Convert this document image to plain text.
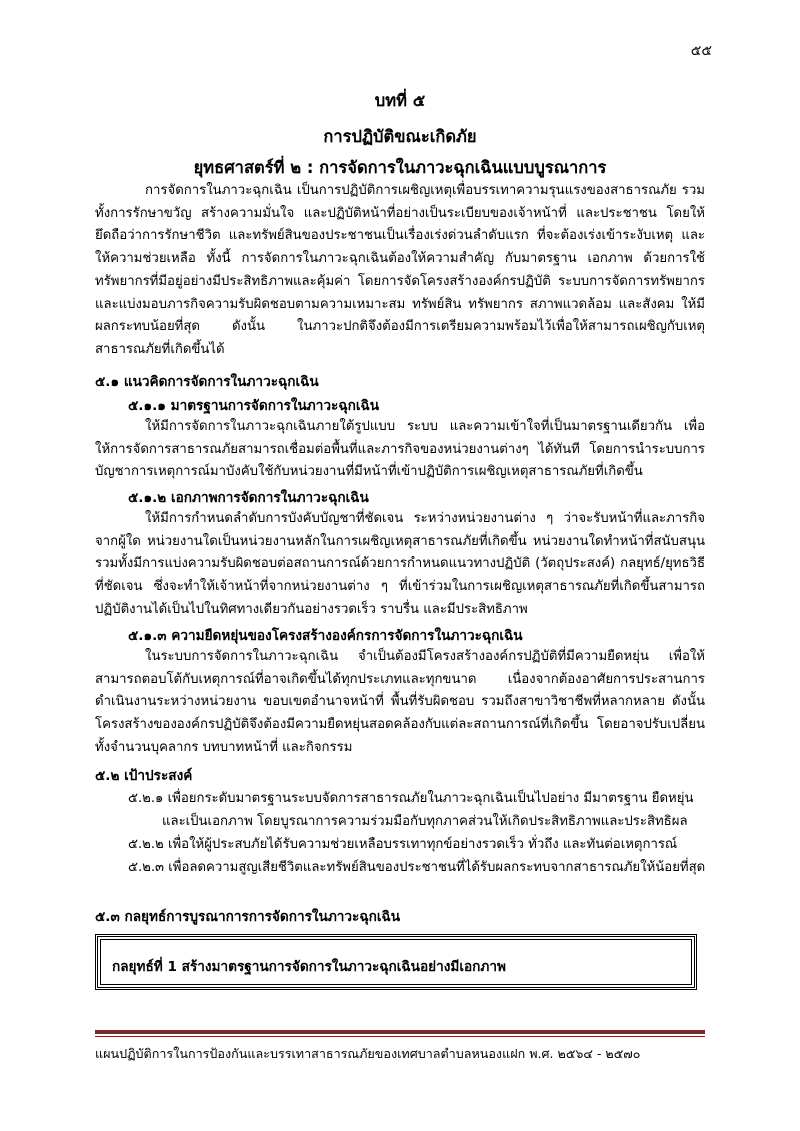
๕๕
บทที่ ๕
การปฏิบัติขณะเกิดภัย
ยุทธศาสตร์ที่ ๒ : การจัดการในภาวะฉุกเฉินแบบบูรณาการ

การจัดการในภาวะฉุกเฉิน เป็นการปฏิบัติการเผชิญเหตุเพื่อบรรเทาความรุนแรงของสาธารณภัย รวมทั้งการรักษาขวัญ สร้างความมั่นใจ และปฏิบัติหน้าที่อย่างเป็นระเบียบของเจ้าหน้าที่ และประชาชน โดยให้ยึดถือว่าการรักษาชีวิต และทรัพย์สินของประชาชนเป็นเรื่องเร่งด่วนลำดับแรก ที่จะต้องเร่งเข้าระงับเหตุ และให้ความช่วยเหลือ ทั้งนี้ การจัดการในภาวะฉุกเฉินต้องให้ความสำคัญ กับมาตรฐาน เอกภาพ ด้วยการใช้ทรัพยากรที่มีอยู่อย่างมีประสิทธิภาพและคุ้มค่า โดยการจัดโครงสร้างองค์กรปฏิบัติ ระบบการจัดการทรัพยากร และแบ่งมอบภารกิจความรับผิดชอบตามความเหมาะสม ทรัพย์สิน ทรัพยากร สภาพแวดล้อม และสังคม ให้มีผลกระทบน้อยที่สุด ดังนั้น ในภาวะปกติจึงต้องมีการเตรียมความพร้อมไว้เพื่อให้สามารถเผชิญกับเหตุสาธารณภัยที่เกิดขึ้นได้

๕.๑ แนวคิดการจัดการในภาวะฉุกเฉิน
๕.๑.๑ มาตรฐานการจัดการในภาวะฉุกเฉิน

ให้มีการจัดการในภาวะฉุกเฉินภายใต้รูปแบบ ระบบ และความเข้าใจที่เป็นมาตรฐานเดียวกัน เพื่อให้การจัดการสาธารณภัยสามารถเชื่อมต่อพื้นที่และภารกิจของหน่วยงานต่างๆ ได้ทันที โดยการนำระบบการบัญชาการเหตุการณ์มาบังคับใช้กับหน่วยงานที่มีหน้าที่เข้าปฏิบัติการเผชิญเหตุสาธารณภัยที่เกิดขึ้น

๕.๑.๒ เอกภาพการจัดการในภาวะฉุกเฉิน

ให้มีการกำหนดลำดับการบังคับบัญชาที่ชัดเจน ระหว่างหน่วยงานต่าง ๆ ว่าจะรับหน้าที่และภารกิจจากผู้ใด หน่วยงานใดเป็นหน่วยงานหลักในการเผชิญเหตุสาธารณภัยที่เกิดขึ้น หน่วยงานใดทำหน้าที่สนับสนุน รวมทั้งมีการแบ่งความรับผิดชอบต่อสถานการณ์ด้วยการกำหนดแนวทางปฏิบัติ (วัตถุประสงค์) กลยุทธ์/ยุทธวิธีที่ชัดเจน ซึ่งจะทำให้เจ้าหน้าที่จากหน่วยงานต่าง ๆ ที่เข้าร่วมในการเผชิญเหตุสาธารณภัยที่เกิดขึ้นสามารถปฏิบัติงานได้เป็นไปในทิศทางเดียวกันอย่างรวดเร็ว ราบรื่น และมีประสิทธิภาพ

๕.๑.๓ ความยืดหยุ่นของโครงสร้างองค์กรการจัดการในภาวะฉุกเฉิน

ในระบบการจัดการในภาวะฉุกเฉิน จำเป็นต้องมีโครงสร้างองค์กรปฏิบัติที่มีความยืดหยุ่น เพื่อให้สามารถตอบโต้กับเหตุการณ์ที่อาจเกิดขึ้นได้ทุกประเภทและทุกขนาด เนื่องจากต้องอาศัยการประสานการดำเนินงานระหว่างหน่วยงาน ขอบเขตอำนาจหน้าที่ พื้นที่รับผิดชอบ รวมถึงสาขาวิชาชีพที่หลากหลาย ดังนั้นโครงสร้างขององค์กรปฏิบัติจึงต้องมีความยืดหยุ่นสอดคล้องกับแต่ละสถานการณ์ที่เกิดขึ้น โดยอาจปรับเปลี่ยนทั้งจำนวนบุคลากร บทบาทหน้าที่ และกิจกรรม

๕.๒ เป้าประสงค์
๕.๒.๑ เพื่อยกระดับมาตรฐานระบบจัดการสาธารณภัยในภาวะฉุกเฉินเป็นไปอย่าง มีมาตรฐาน ยืดหยุ่น
และเป็นเอกภาพ โดยบูรณาการความร่วมมือกับทุกภาคส่วนให้เกิดประสิทธิภาพและประสิทธิผล
๕.๒.๒ เพื่อให้ผู้ประสบภัยได้รับความช่วยเหลือบรรเทาทุกข์อย่างรวดเร็ว ทั่วถึง และทันต่อเหตุการณ์
๕.๒.๓ เพื่อลดความสูญเสียชีวิตและทรัพย์สินของประชาชนที่ได้รับผลกระทบจากสาธารณภัยให้น้อยที่สุด
๕.๓ กลยุทธ์การบูรณาการการจัดการในภาวะฉุกเฉิน
กลยุทธ์ที่ 1 สร้างมาตรฐานการจัดการในภาวะฉุกเฉินอย่างมีเอกภาพ
แผนปฏิบัติการในการป้องกันและบรรเทาสาธารณภัยของเทศบาลตำบลหนองแฝก พ.ศ. ๒๕๖๔ - ๒๕๗๐
